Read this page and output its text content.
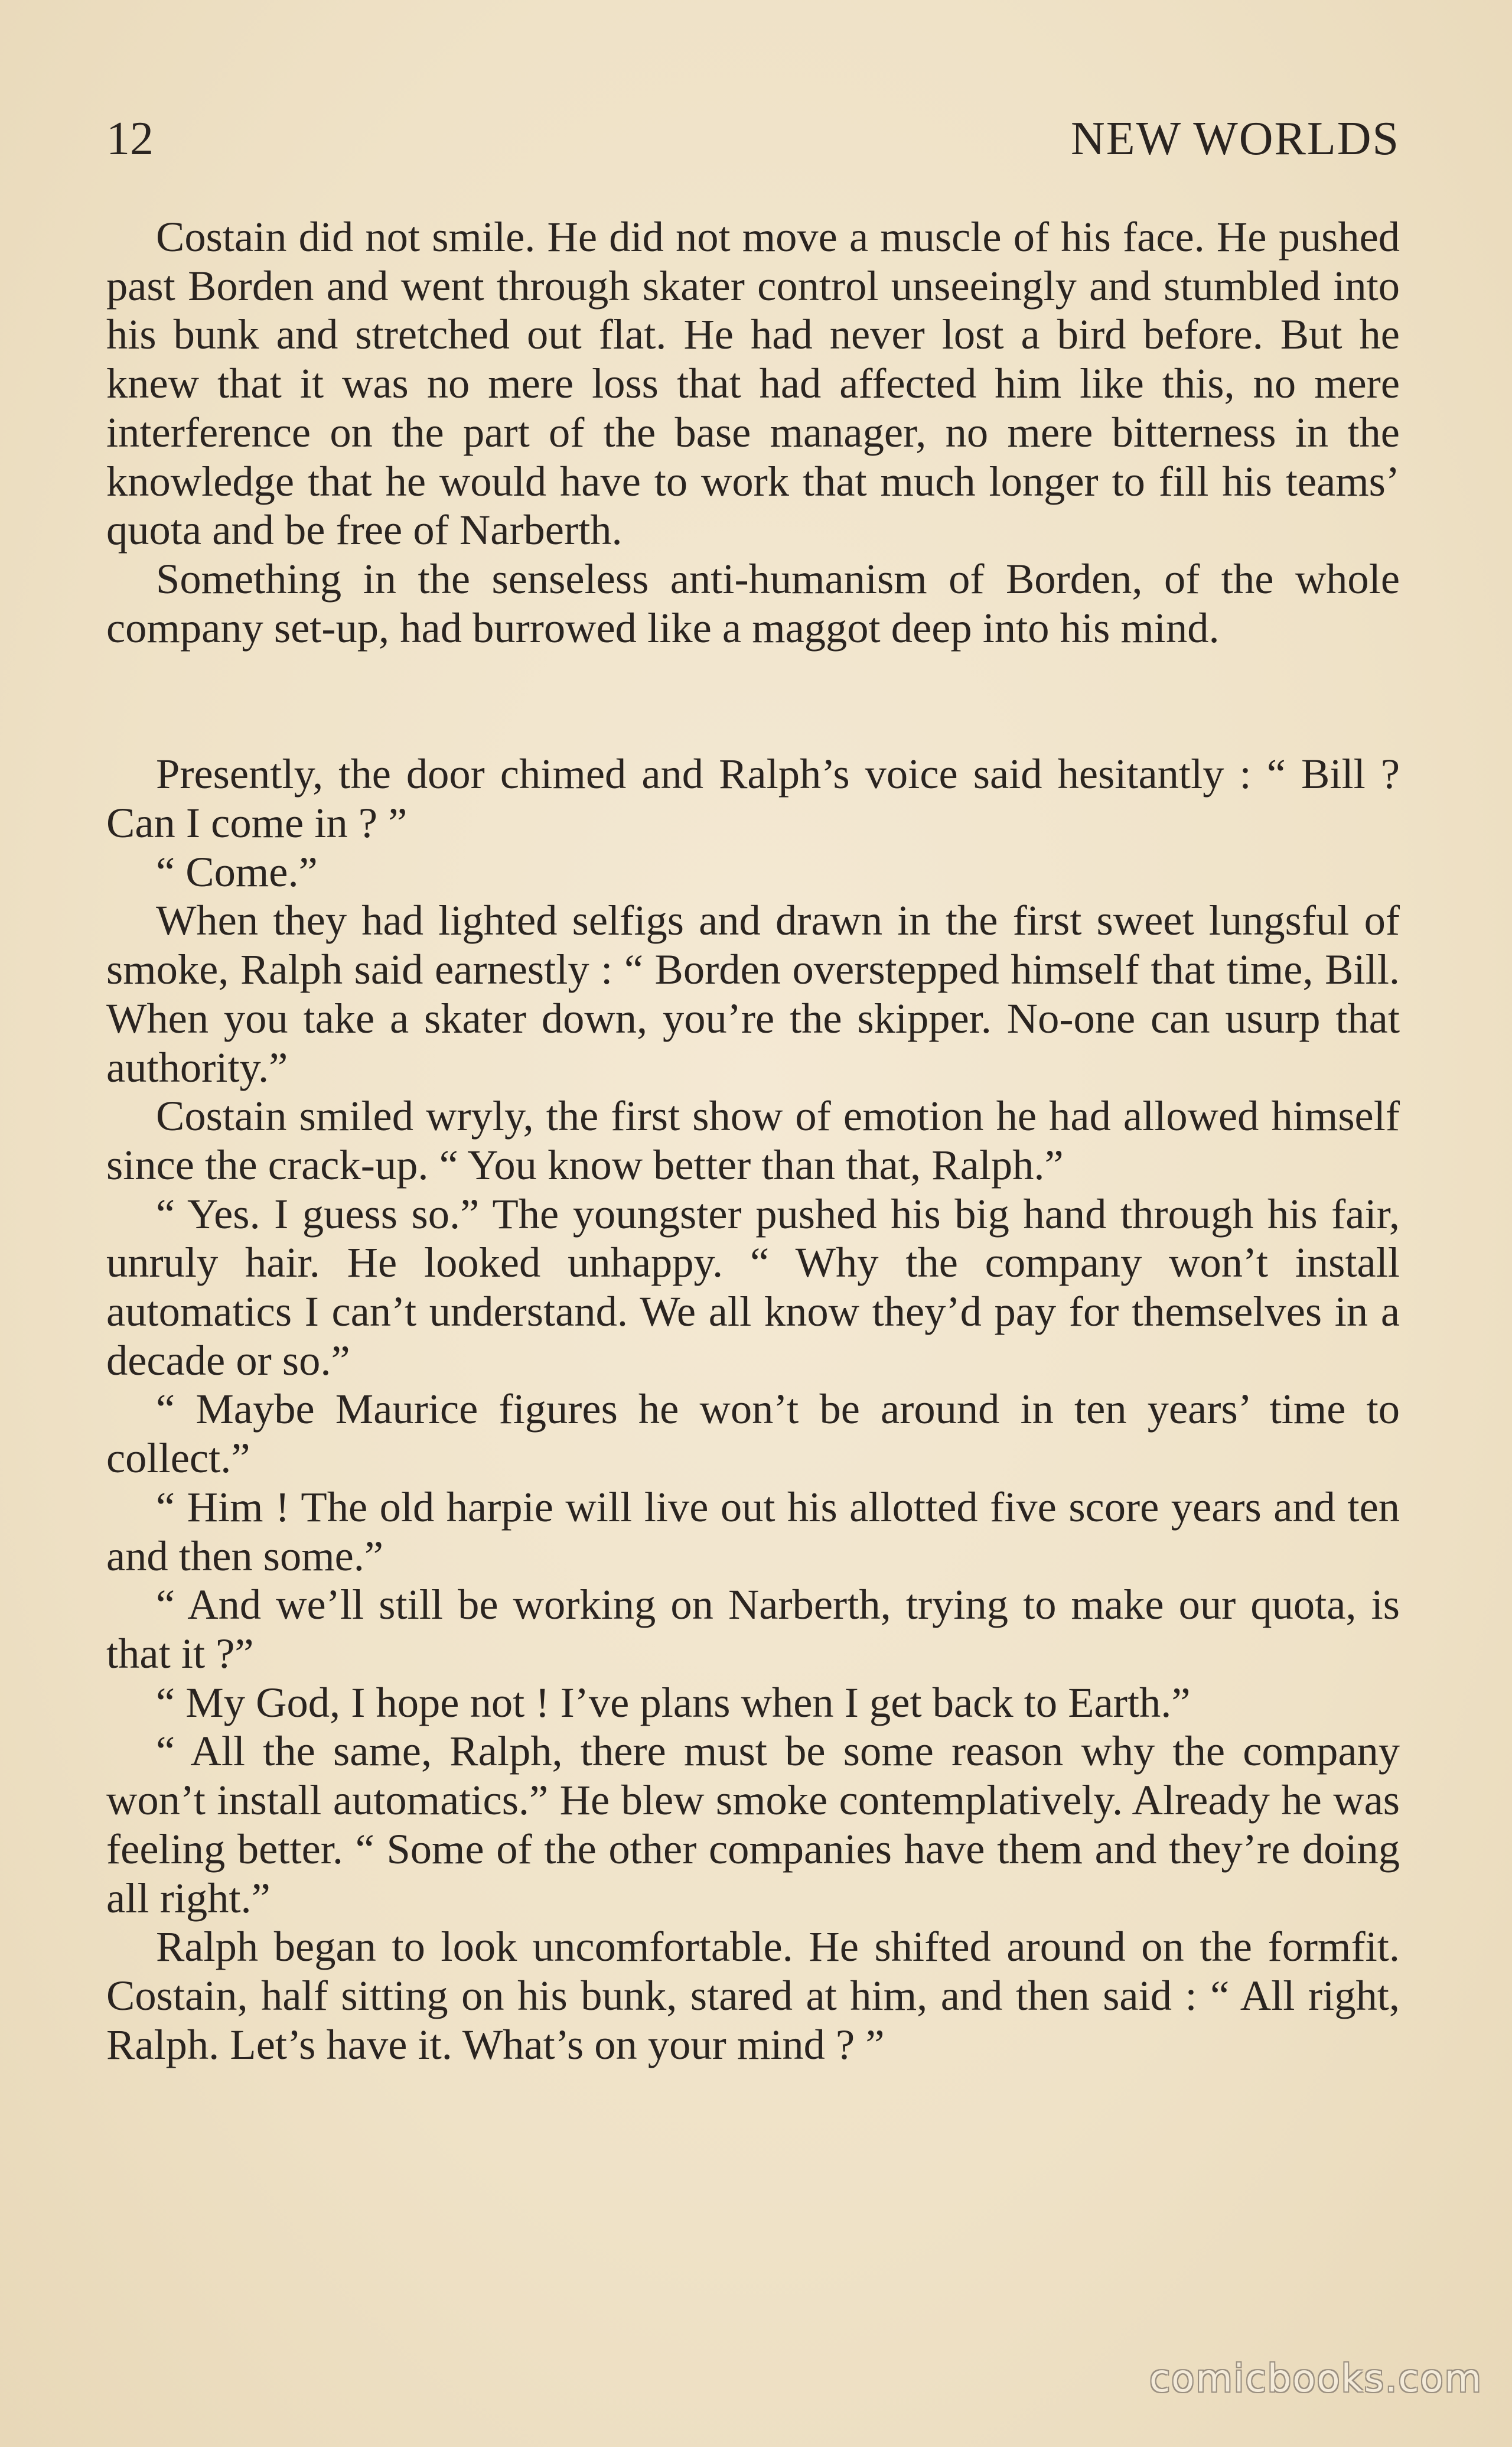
12	NEW WORLDS

Costain did not smile. He did not move a muscle of his face. He pushed past Borden and went through skater control unseeingly and stumbled into his bunk and stretched out flat. He had never lost a bird before. But he knew that it was no mere loss that had affected him like this, no mere interference on the part of the base manager, no mere bitterness in the knowledge that he would have to work that much longer to fill his teams’ quota and be free of Narberth.

Something in the senseless anti-humanism of Borden, of the whole company set-up, had burrowed like a maggot deep into his mind.

Presently, the door chimed and Ralph’s voice said hesitantly : “ Bill ? Can I come in ? ”

“ Come.”

When they had lighted selfigs and drawn in the first sweet lungsful of smoke, Ralph said earnestly : “ Borden overstepped himself that time, Bill. When you take a skater down, you’re the skipper. No-one can usurp that authority.”

Costain smiled wryly, the first show of emotion he had allowed himself since the crack-up. “ You know better than that, Ralph.”

“ Yes. I guess so.” The youngster pushed his big hand through his fair, unruly hair. He looked unhappy. “ Why the company won’t install automatics I can’t understand. We all know they’d pay for themselves in a decade or so.”

“ Maybe Maurice figures he won’t be around in ten years’ time to collect.”

“ Him ! The old harpie will live out his allotted five score years and ten and then some.”

“ And we’ll still be working on Narberth, trying to make our quota, is that it ?”

“ My God, I hope not ! I’ve plans when I get back to Earth.”

“ All the same, Ralph, there must be some reason why the company won’t install automatics.” He blew smoke contemplatively. Already he was feeling better. “ Some of the other companies have them and they’re doing all right.”

Ralph began to look uncomfortable. He shifted around on the formfit. Costain, half sitting on his bunk, stared at him, and then said : “ All right, Ralph. Let’s have it. What’s on your mind ? ”

comicbooks.com
